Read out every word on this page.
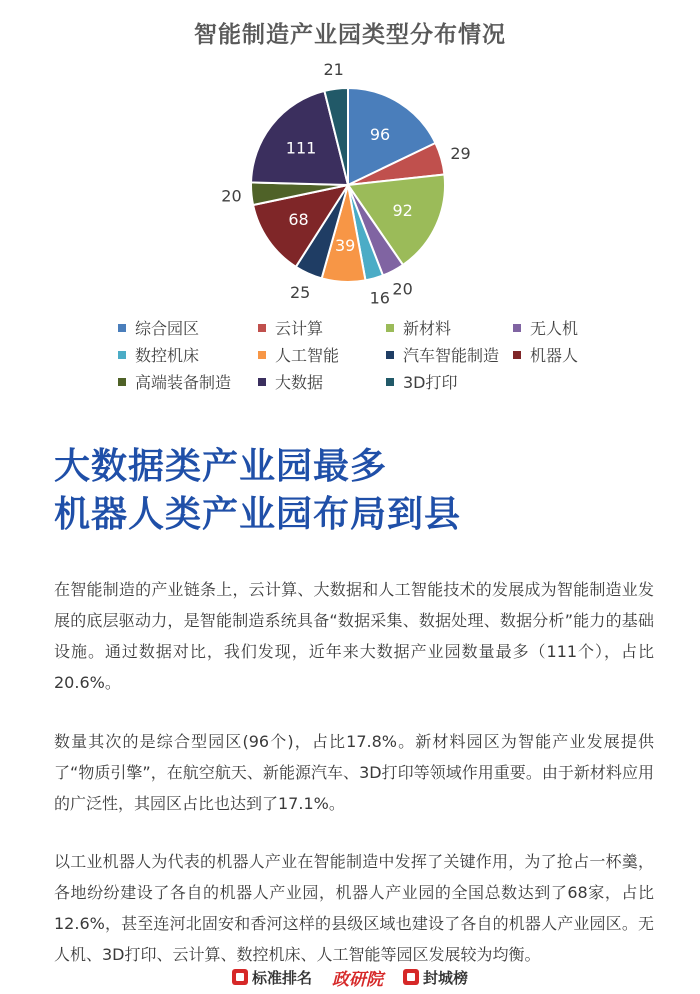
智能制造产业园类型分布情况
96
29
92
20
16
39
25
68
20
111
21
综合园区	云计算	新材料	无人机
数控机床	人工智能	汽车智能制造	机器人
高端装备制造	大数据	3D打印
大数据类产业园最多
机器人类产业园布局到县

在智能制造的产业链条上，云计算、大数据和人工智能技术的发展成为智能制造业发展的底层驱动力，是智能制造系统具备“数据采集、数据处理、数据分析”能力的基础设施。通过数据对比，我们发现，近年来大数据产业园数量最多（111个），占比20.6%。

数量其次的是综合型园区(96个)，占比17.8%。新材料园区为智能产业发展提供了“物质引擎”，在航空航天、新能源汽车、3D打印等领域作用重要。由于新材料应用的广泛性，其园区占比也达到了17.1%。

以工业机器人为代表的机器人产业在智能制造中发挥了关键作用，为了抢占一杯羹，各地纷纷建设了各自的机器人产业园，机器人产业园的全国总数达到了68家，占比12.6%，甚至连河北固安和香河这样的县级区域也建设了各自的机器人产业园区。无人机、3D打印、云计算、数控机床、人工智能等园区发展较为均衡。

标准排名 政研院	封城榜
